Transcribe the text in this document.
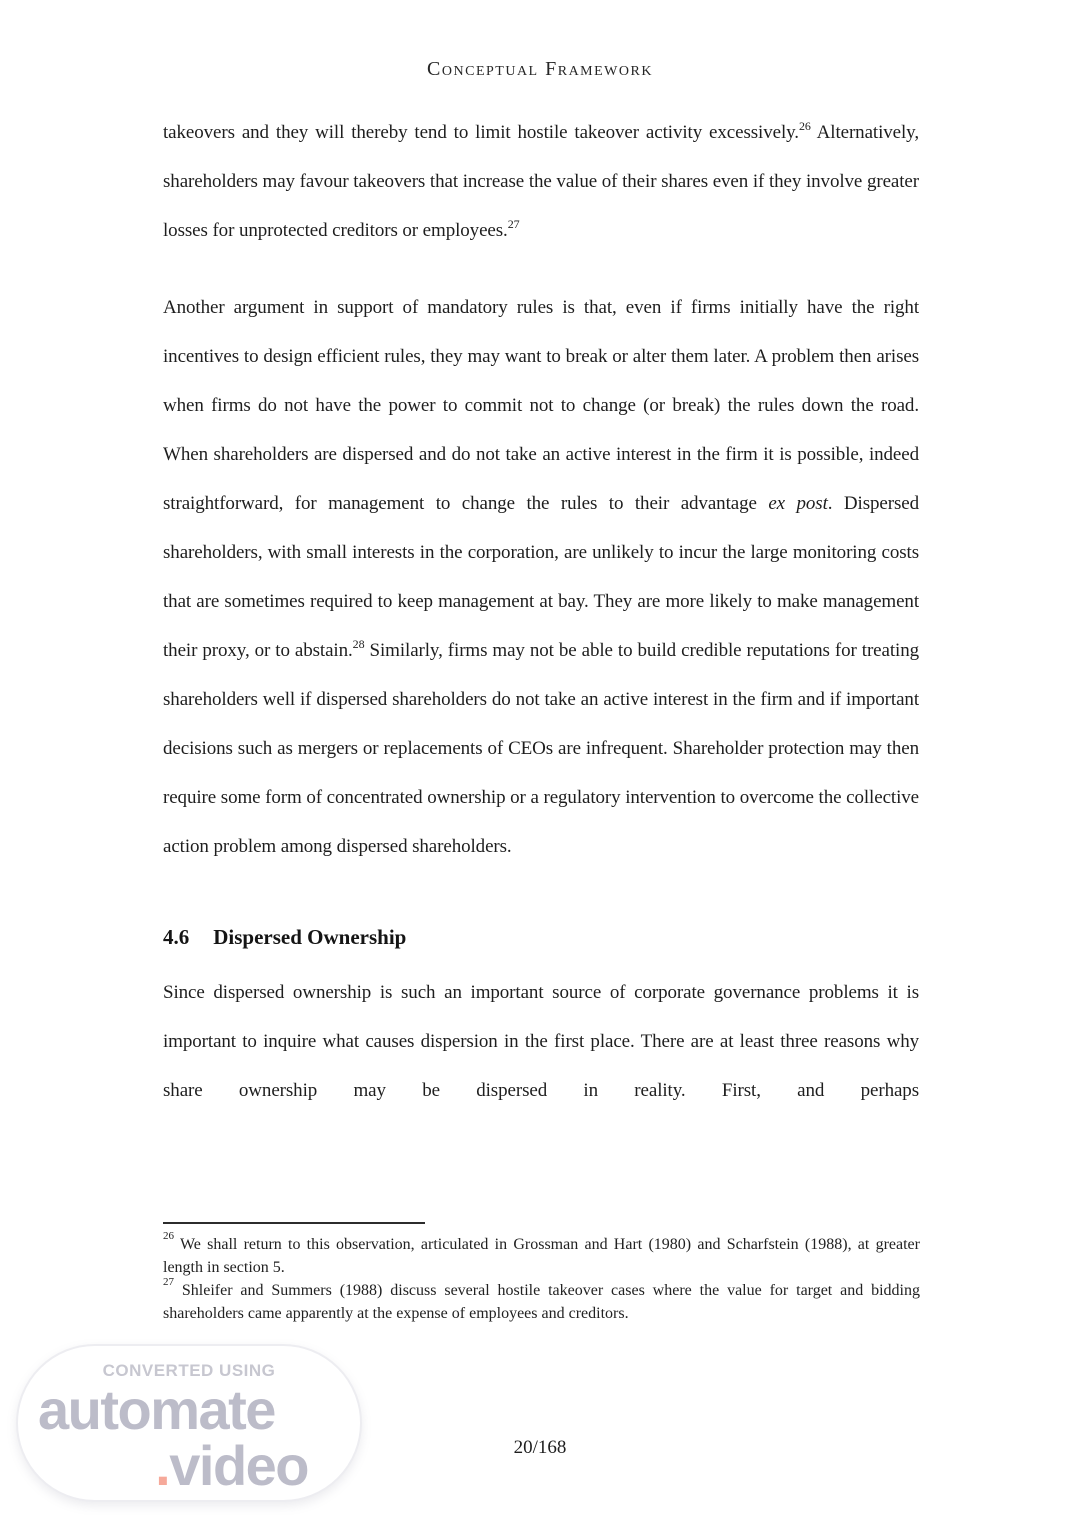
Conceptual Framework

takeovers and they will thereby tend to limit hostile takeover activity excessively.$^{26}$ Alternatively, shareholders may favour takeovers that increase the value of their shares even if they involve greater losses for unprotected creditors or employees.$^{27}$

Another argument in support of mandatory rules is that, even if firms initially have the right incentives to design efficient rules, they may want to break or alter them later. A problem then arises when firms do not have the power to commit not to change (or break) the rules down the road. When shareholders are dispersed and do not take an active interest in the firm it is possible, indeed straightforward, for management to change the rules to their advantage ex post. Dispersed shareholders, with small interests in the corporation, are unlikely to incur the large monitoring costs that are sometimes required to keep management at bay. They are more likely to make management their proxy, or to abstain.$^{28}$ Similarly, firms may not be able to build credible reputations for treating shareholders well if dispersed shareholders do not take an active interest in the firm and if important decisions such as mergers or replacements of CEOs are infrequent. Shareholder protection may then require some form of concentrated ownership or a regulatory intervention to overcome the collective action problem among dispersed shareholders.

4.6 Dispersed Ownership

Since dispersed ownership is such an important source of corporate governance problems it is important to inquire what causes dispersion in the first place. There are at least three reasons why share ownership may be dispersed in reality. First, and perhaps

$^{26}$ We shall return to this observation, articulated in Grossman and Hart (1980) and Scharfstein (1988), at greater length in section 5.
$^{27}$ Shleifer and Summers (1988) discuss several hostile takeover cases where the value for target and bidding shareholders came apparently at the expense of employees and creditors.
20/168
CONVERTED USING
automate
.video
